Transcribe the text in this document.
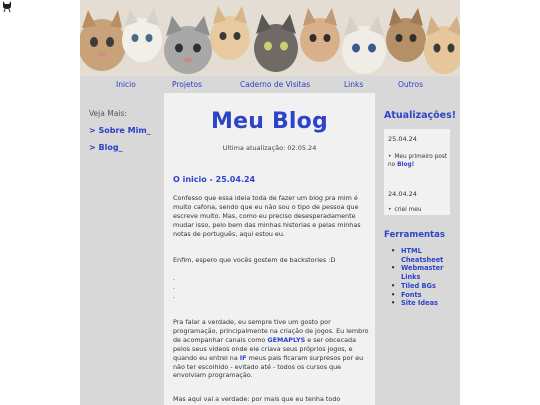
Inicio	Projetos	Caderno de Visitas	Links	Outros
Veja Mais:
> Sobre Mim_
> Blog_
Meu Blog
Ultima atualização: 02.05.24
O inicio - 25.04.24
Confesso que essa ideia toda de fazer um blog pra mim é muito cafona, sendo que eu não sou o tipo de pessoa que escreve muito. Mas, como eu preciso desesperadamente mudar isso, pelo bem das minhas historias e pelas minhas notas de português, aqui estou eu.
Enfim, espero que vocês gostem de backstories :D
.
.
.
Pra falar a verdade, eu sempre tive um gosto por programação, principalmente na criação de jogos. Eu lembro de acompanhar canais como GEMAPLYS e ser obcecada pelos seus videos onde ele criava seus próprios jogos, e quando eu entrei na IF meus pais ficaram surpresos por eu não ter escolhido - evitado até - todos os cursos que envolviam programação.
Mas aqui vai a verdade: por mais que eu tenha todo
Atualizações!
25.04.24
• Meu primeiro post no Blog!
24.04.24
• criei meu
Ferramentas
• HTML Cheatsheet
• Webmaster Links
• Tiled BGs
• Fonts
• Site Ideas
